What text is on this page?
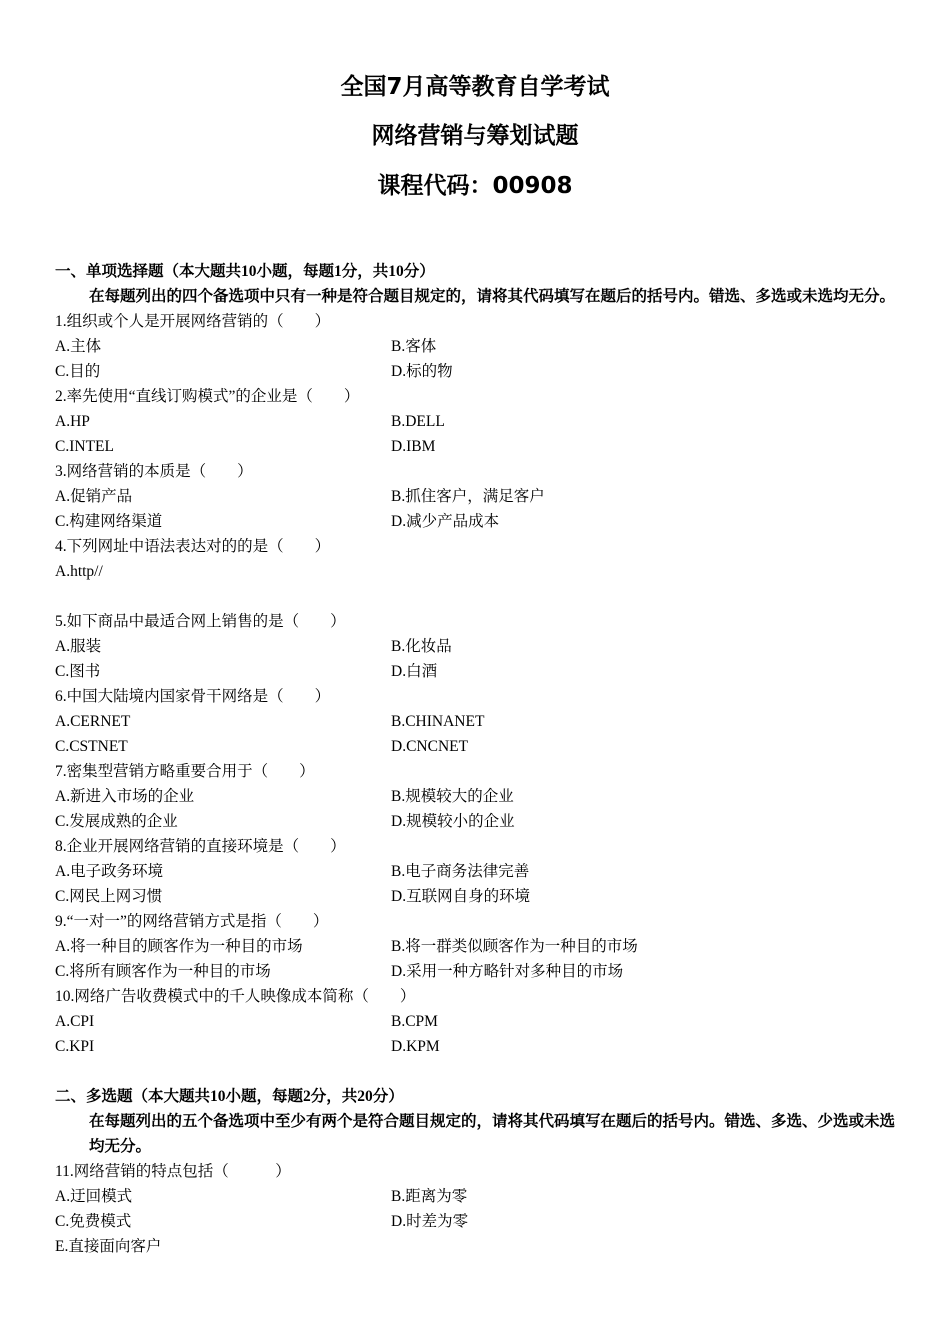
全国7月高等教育自学考试
网络营销与筹划试题
课程代码：00908
一、单项选择题（本大题共10小题，每题1分，共10分）
在每题列出的四个备选项中只有一种是符合题目规定的，请将其代码填写在题后的括号内。错选、多选或未选均无分。
1.组织或个人是开展网络营销的（　　）
A.主体	B.客体
C.目的	D.标的物
2.率先使用“直线订购模式”的企业是（　　）
A.HP	B.DELL
C.INTEL	D.IBM
3.网络营销的本质是（　　）
A.促销产品	B.抓住客户，满足客户
C.构建网络渠道	D.减少产品成本
4.下列网址中语法表达对的的是（　　）
A.http//
5.如下商品中最适合网上销售的是（　　）
A.服装	B.化妆品
C.图书	D.白酒
6.中国大陆境内国家骨干网络是（　　）
A.CERNET	B.CHINANET
C.CSTNET	D.CNCNET
7.密集型营销方略重要合用于（　　）
A.新进入市场的企业	B.规模较大的企业
C.发展成熟的企业	D.规模较小的企业
8.企业开展网络营销的直接环境是（　　）
A.电子政务环境	B.电子商务法律完善
C.网民上网习惯	D.互联网自身的环境
9.“一对一”的网络营销方式是指（　　）
A.将一种目的顾客作为一种目的市场	B.将一群类似顾客作为一种目的市场
C.将所有顾客作为一种目的市场	D.采用一种方略针对多种目的市场
10.网络广告收费模式中的千人映像成本简称（　　）
A.CPI	B.CPM
C.KPI	D.KPM
二、多选题（本大题共10小题，每题2分，共20分）
在每题列出的五个备选项中至少有两个是符合题目规定的，请将其代码填写在题后的括号内。错选、多选、少选或未选均无分。
11.网络营销的特点包括（　　　）
A.迂回模式	B.距离为零
C.免费模式	D.时差为零
E.直接面向客户
